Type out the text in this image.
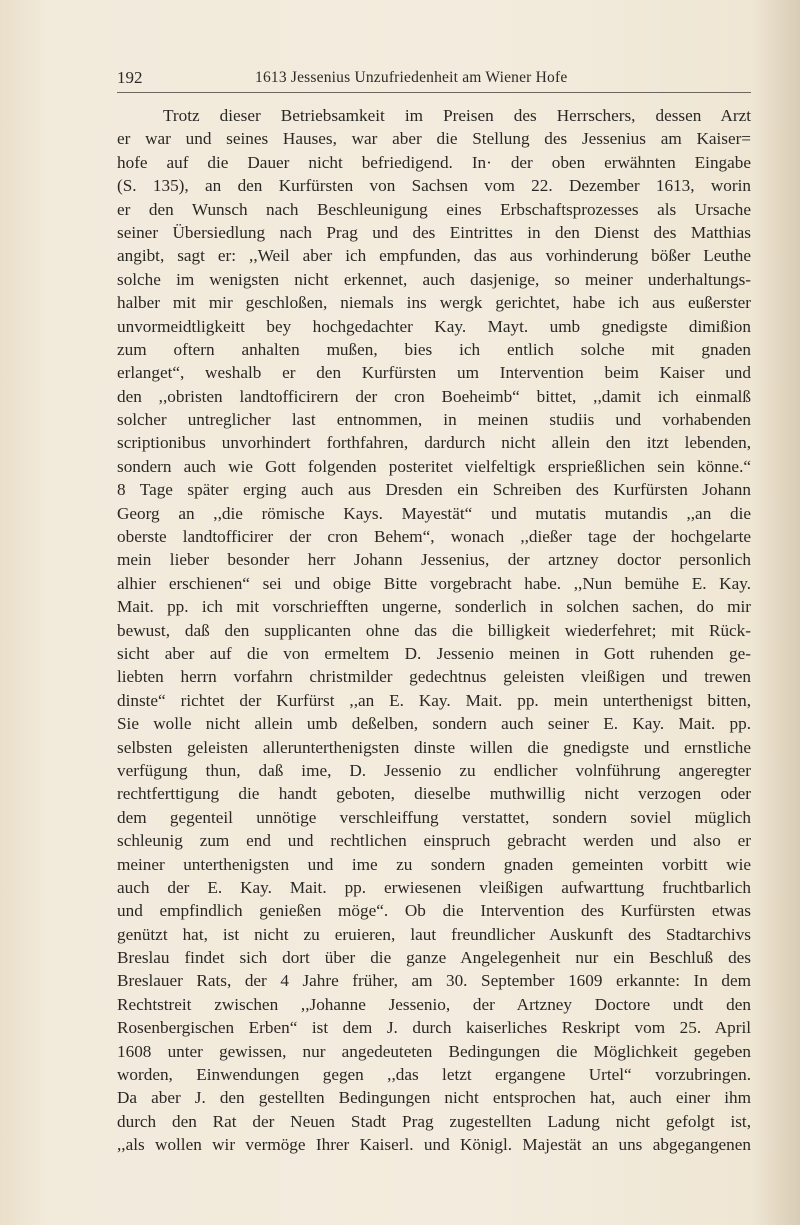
192	1613 Jessenius Unzufriedenheit am Wiener Hofe
Trotz dieser Betriebsamkeit im Preisen des Herrschers, dessen Arzt
er war und seines Hauses, war aber die Stellung des Jessenius am Kaiser=
hofe auf die Dauer nicht befriedigend. In· der oben erwähnten Eingabe
(S. 135), an den Kurfürsten von Sachsen vom 22. Dezember 1613, worin
er den Wunsch nach Beschleunigung eines Erbschaftsprozesses als Ursache
seiner Übersiedlung nach Prag und des Eintrittes in den Dienst des Matthias
angibt, sagt er: ,,Weil aber ich empfunden, das aus vorhinderung bößer Leuthe
solche im wenigsten nicht erkennet, auch dasjenige, so meiner underhaltungs-
halber mit mir geschloßen, niemals ins wergk gerichtet, habe ich aus eußerster
unvormeidtligkeitt bey hochgedachter Kay. Mayt. umb gnedigste dimißion
zum oftern anhalten mußen, bies ich entlich solche mit gnaden
erlanget“, weshalb er den Kurfürsten um Intervention beim Kaiser und
den ,,obristen landtofficirern der cron Boeheimb“ bittet, ,,damit ich einmalß
solcher untreglicher last entnommen, in meinen studiis und vorhabenden
scriptionibus unvorhindert forthfahren, dardurch nicht allein den itzt lebenden,
sondern auch wie Gott folgenden posteritet vielfeltigk ersprießlichen sein könne.“
8 Tage später erging auch aus Dresden ein Schreiben des Kurfürsten Johann
Georg an ,,die römische Kays. Mayestät“ und mutatis mutandis ,,an die
oberste landtofficirer der cron Behem“, wonach ,,dießer tage der hochgelarte
mein lieber besonder herr Johann Jessenius, der artzney doctor personlich
alhier erschienen“ sei und obige Bitte vorgebracht habe. ,,Nun bemühe E. Kay.
Mait. pp. ich mit vorschriefften ungerne, sonderlich in solchen sachen, do mir
bewust, daß den supplicanten ohne das die billigkeit wiederfehret; mit Rück-
sicht aber auf die von ermeltem D. Jessenio meinen in Gott ruhenden ge-
liebten herrn vorfahrn christmilder gedechtnus geleisten vleißigen und trewen
dinste“ richtet der Kurfürst ,,an E. Kay. Mait. pp. mein unterthenigst bitten,
Sie wolle nicht allein umb deßelben, sondern auch seiner E. Kay. Mait. pp.
selbsten geleisten allerunterthenigsten dinste willen die gnedigste und ernstliche
verfügung thun, daß ime, D. Jessenio zu endlicher volnführung angeregter
rechtferttigung die handt geboten, dieselbe muthwillig nicht verzogen oder
dem gegenteil unnötige verschleiffung verstattet, sondern soviel müglich
schleunig zum end und rechtlichen einspruch gebracht werden und also er
meiner unterthenigsten und ime zu sondern gnaden gemeinten vorbitt wie
auch der E. Kay. Mait. pp. erwiesenen vleißigen aufwarttung fruchtbarlich
und empfindlich genießen möge“. Ob die Intervention des Kurfürsten etwas
genützt hat, ist nicht zu eruieren, laut freundlicher Auskunft des Stadtarchivs
Breslau findet sich dort über die ganze Angelegenheit nur ein Beschluß des
Breslauer Rats, der 4 Jahre früher, am 30. September 1609 erkannte: In dem
Rechtstreit zwischen ,,Johanne Jessenio, der Artzney Doctore undt den
Rosenbergischen Erben“ ist dem J. durch kaiserliches Reskript vom 25. April
1608 unter gewissen, nur angedeuteten Bedingungen die Möglichkeit gegeben
worden, Einwendungen gegen ,,das letzt ergangene Urtel“ vorzubringen.
Da aber J. den gestellten Bedingungen nicht entsprochen hat, auch einer ihm
durch den Rat der Neuen Stadt Prag zugestellten Ladung nicht gefolgt ist,
,,als wollen wir vermöge Ihrer Kaiserl. und Königl. Majestät an uns abgegangenen
